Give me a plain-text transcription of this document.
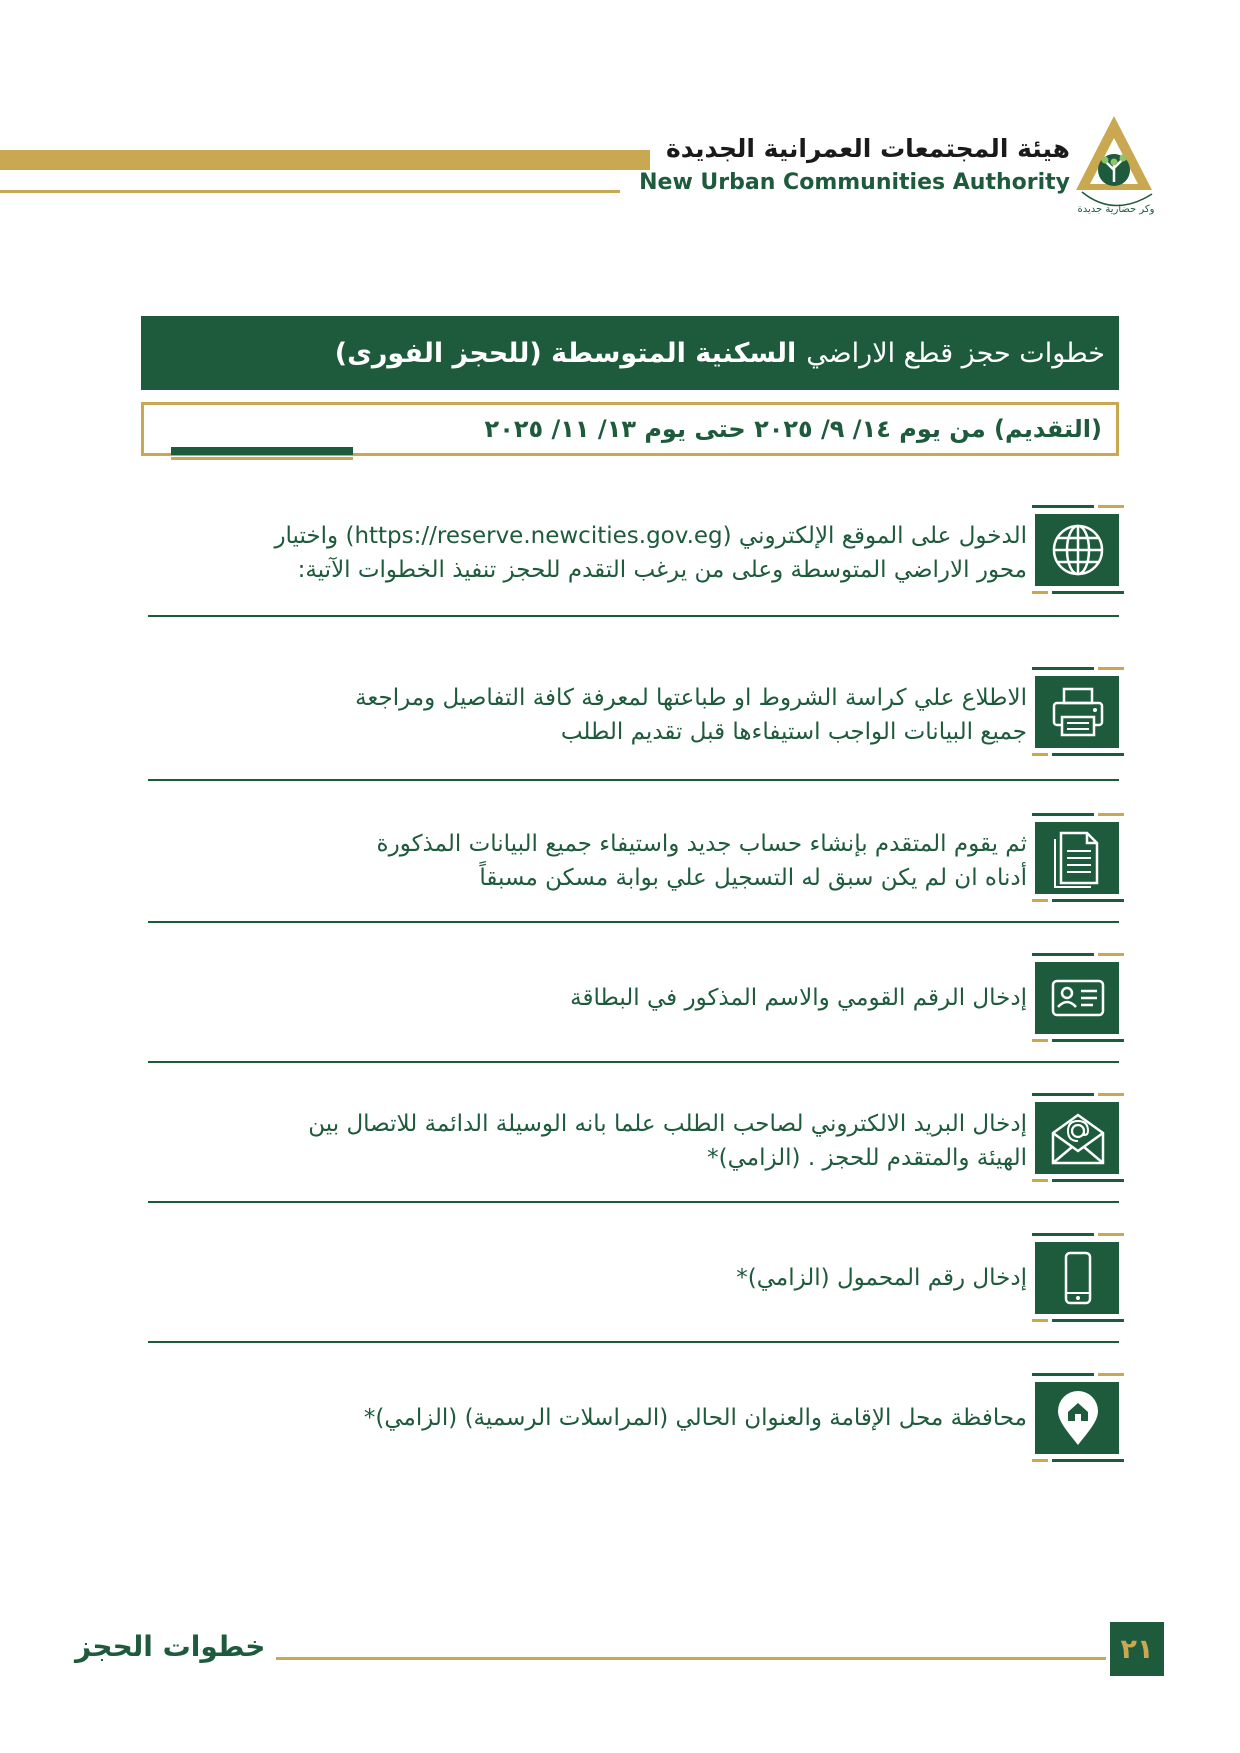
هيئة المجتمعات العمرانية الجديدة
New Urban Communities Authority
وكر حضارية جديدة
خطوات حجز قطع الاراضي
السكنية المتوسطة (للحجز الفورى)
(التقديم) من يوم ١٤/ ٩/ ٢٠٢٥ حتى يوم ١٣/ ١١/ ٢٠٢٥
الدخول على الموقع الإلكتروني (https://reserve.newcities.gov.eg) واختيار
محور الاراضي المتوسطة وعلى من يرغب التقدم للحجز تنفيذ الخطوات الآتية:
الاطلاع علي كراسة الشروط او طباعتها لمعرفة كافة التفاصيل ومراجعة
جميع البيانات الواجب استيفاءها قبل تقديم الطلب
ثم يقوم المتقدم بإنشاء حساب جديد واستيفاء جميع البيانات المذكورة
أدناه ان لم يكن سبق له التسجيل علي بوابة مسكن مسبقاً
إدخال الرقم القومي والاسم المذكور في البطاقة
إدخال البريد الالكتروني لصاحب الطلب علما بانه الوسيلة الدائمة للاتصال بين
الهيئة والمتقدم للحجز . (الزامي)*
إدخال رقم المحمول (الزامي)*
محافظة محل الإقامة والعنوان الحالي (المراسلات الرسمية) (الزامي)*
خطوات الحجز	٢١
